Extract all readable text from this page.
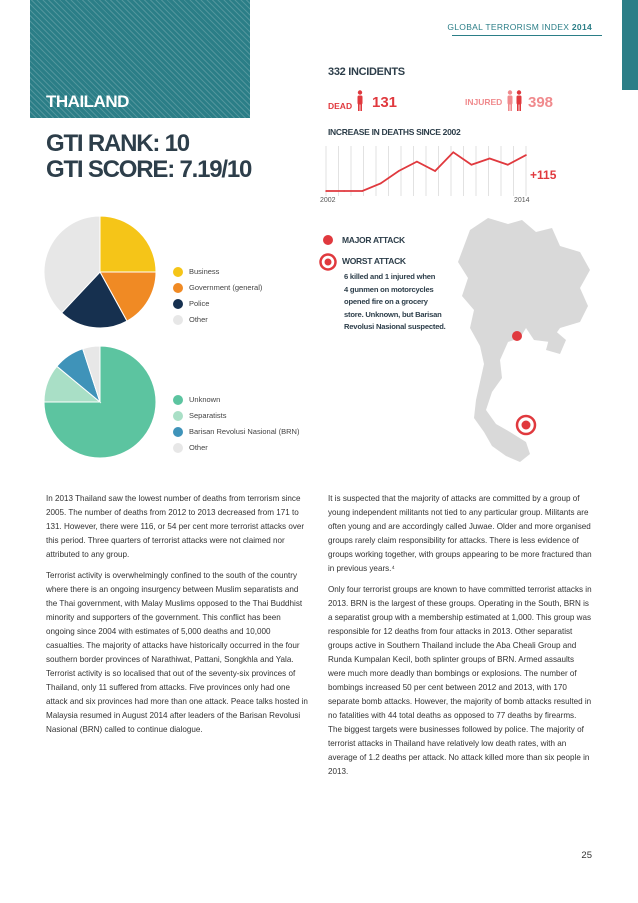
THAILAND
GLOBAL TERRORISM INDEX 2014
GTI RANK: 10
GTI SCORE: 7.19/10
332 INCIDENTS
DEAD 131	INJURED 398
INCREASE IN DEATHS SINCE 2002
2002	2014
+115
Business
Government (general)
Police
Other
Unknown
Separatists
Barisan Revolusi Nasional (BRN)
Other
MAJOR ATTACK
WORST ATTACK
6 killed and 1 injured when
4 gunmen on motorcycles
opened fire on a grocery
store. Unknown, but Barisan
Revolusi Nasional suspected.

In 2013 Thailand saw the lowest number of deaths from terrorism since 2005. The number of deaths from 2012 to 2013 decreased from 171 to 131. However, there were 116, or 54 per cent more terrorist attacks over this period. Three quarters of terrorist attacks were not claimed nor attributed to any group.

Terrorist activity is overwhelmingly confined to the south of the country where there is an ongoing insurgency between Muslim separatists and the Thai government, with Malay Muslims opposed to the Thai Buddhist minority and supporters of the government. This conflict has been ongoing since 2004 with estimates of 5,000 deaths and 10,000 casualties. The majority of attacks have historically occurred in the four southern border provinces of Narathiwat, Pattani, Songkhla and Yala. Terrorist activity is so localised that out of the seventy-six provinces of Thailand, only 11 suffered from attacks. Five provinces only had one attack and six provinces had more than one attack. Peace talks hosted in Malaysia resumed in August 2014 after leaders of the Barisan Revolusi Nasional (BRN) called to continue dialogue.

It is suspected that the majority of attacks are committed by a group of young independent militants not tied to any particular group. Militants are often young and are accordingly called Juwae. Older and more organised groups rarely claim responsibility for attacks. There is less evidence of groups working together, with groups appearing to be more fractured than in previous years.⁴

Only four terrorist groups are known to have committed terrorist attacks in 2013. BRN is the largest of these groups. Operating in the South, BRN is a separatist group with a membership estimated at 1,000. This group was responsible for 12 deaths from four attacks in 2013. Other separatist groups active in Southern Thailand include the Aba Cheali Group and Runda Kumpalan Kecil, both splinter groups of BRN. Armed assaults were much more deadly than bombings or explosions. The number of bombings increased 50 per cent between 2012 and 2013, with 170 separate bomb attacks. However, the majority of bomb attacks resulted in no fatalities with 44 total deaths as opposed to 77 deaths by firearms. The biggest targets were businesses followed by police. The majority of terrorist attacks in Thailand have relatively low death rates, with an average of 1.2 deaths per attack. No attack killed more than six people in 2013.

25
